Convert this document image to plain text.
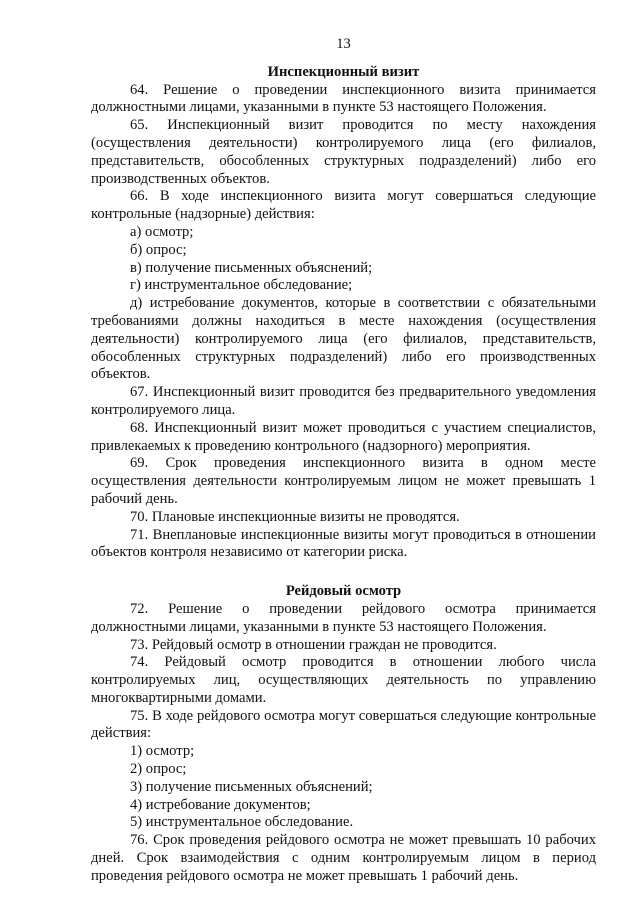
13

Инспекционный визит

64. Решение о проведении инспекционного визита принимается должностными лицами, указанными в пункте 53 настоящего Положения.

65. Инспекционный визит проводится по месту нахождения (осуществления деятельности) контролируемого лица (его филиалов, представительств, обособленных структурных подразделений) либо его производственных объектов.

66. В ходе инспекционного визита могут совершаться следующие контрольные (надзорные) действия:

а) осмотр;

б) опрос;

в) получение письменных объяснений;

г) инструментальное обследование;

д) истребование документов, которые в соответствии с обязательными требованиями должны находиться в месте нахождения (осуществления деятельности) контролируемого лица (его филиалов, представительств, обособленных структурных подразделений) либо его производственных объектов.

67. Инспекционный визит проводится без предварительного уведомления контролируемого лица.

68. Инспекционный визит может проводиться с участием специалистов, привлекаемых к проведению контрольного (надзорного) мероприятия.

69. Срок проведения инспекционного визита в одном месте осуществления деятельности контролируемым лицом не может превышать 1 рабочий день.

70. Плановые инспекционные визиты не проводятся.

71. Внеплановые инспекционные визиты могут проводиться в отношении объектов контроля независимо от категории риска.

Рейдовый осмотр

72. Решение о проведении рейдового осмотра принимается должностными лицами, указанными в пункте 53 настоящего Положения.

73. Рейдовый осмотр в отношении граждан не проводится.

74. Рейдовый осмотр проводится в отношении любого числа контролируемых лиц, осуществляющих деятельность по управлению многоквартирными домами.

75. В ходе рейдового осмотра могут совершаться следующие контрольные действия:

1) осмотр;

2) опрос;

3) получение письменных объяснений;

4) истребование документов;

5) инструментальное обследование.

76. Срок проведения рейдового осмотра не может превышать 10 рабочих дней. Срок взаимодействия с одним контролируемым лицом в период проведения рейдового осмотра не может превышать 1 рабочий день.
